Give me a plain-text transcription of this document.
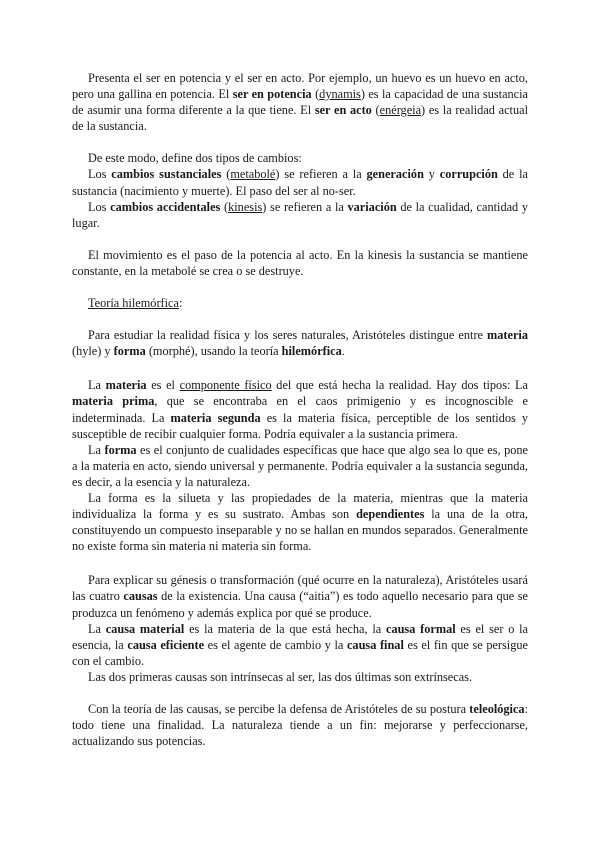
Presenta el ser en potencia y el ser en acto. Por ejemplo, un huevo es un huevo en acto, pero una gallina en potencia. El ser en potencia (dynamis) es la capacidad de una sustancia de asumir una forma diferente a la que tiene. El ser en acto (enérgeia) es la realidad actual de la sustancia.

De este modo, define dos tipos de cambios:

Los cambios sustanciales (metabolé) se refieren a la generación y corrupción de la sustancia (nacimiento y muerte). El paso del ser al no-ser.

Los cambios accidentales (kinesis) se refieren a la variación de la cualidad, cantidad y lugar.

El movimiento es el paso de la potencia al acto. En la kinesis la sustancia se mantiene constante, en la metabolé se crea o se destruye.

Teoría hilemórfica:

Para estudiar la realidad física y los seres naturales, Aristóteles distingue entre materia (hyle) y forma (morphé), usando la teoría hilemórfica.

La materia es el componente físico del que está hecha la realidad. Hay dos tipos: La materia prima, que se encontraba en el caos primigenio y es incognoscible e indeterminada. La materia segunda es la materia física, perceptible de los sentidos y susceptible de recibir cualquier forma. Podría equivaler a la sustancia primera.

La forma es el conjunto de cualidades específicas que hace que algo sea lo que es, pone a la materia en acto, siendo universal y permanente. Podría equivaler a la sustancia segunda, es decir, a la esencia y la naturaleza.

La forma es la silueta y las propiedades de la materia, mientras que la materia individualiza la forma y es su sustrato. Ambas son dependientes la una de la otra, constituyendo un compuesto inseparable y no se hallan en mundos separados. Generalmente no existe forma sin materia ni materia sin forma.

Para explicar su génesis o transformación (qué ocurre en la naturaleza), Aristóteles usará las cuatro causas de la existencia. Una causa (“aitia”) es todo aquello necesario para que se produzca un fenómeno y además explica por qué se produce.

La causa material es la materia de la que está hecha, la causa formal es el ser o la esencia, la causa eficiente es el agente de cambio y la causa final es el fin que se persigue con el cambio.

Las dos primeras causas son intrínsecas al ser, las dos últimas son extrínsecas.

Con la teoría de las causas, se percibe la defensa de Aristóteles de su postura teleológica: todo tiene una finalidad. La naturaleza tiende a un fin: mejorarse y perfeccionarse, actualizando sus potencias.
